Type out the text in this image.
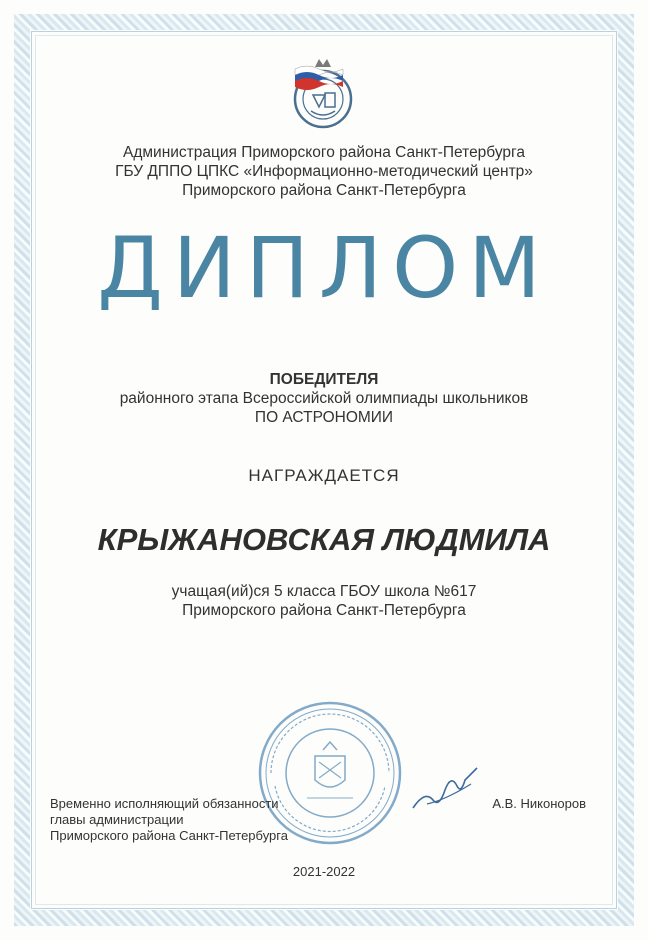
Администрация Приморского района Санкт-Петербурга
ГБУ ДППО ЦПКС «Информационно-методический центр»
Приморского района Санкт-Петербурга
ДИПЛОМ
ПОБЕДИТЕЛЯ
районного этапа Всероссийской олимпиады школьников
ПО АСТРОНОМИИ
НАГРАЖДАЕТСЯ
КРЫЖАНОВСКАЯ ЛЮДМИЛА
учащая(ий)ся 5 класса ГБОУ школа №617
Приморского района Санкт-Петербурга
Временно исполняющий обязанности
главы администрации
Приморского района Санкт-Петербурга
А.В. Никоноров
2021-2022
